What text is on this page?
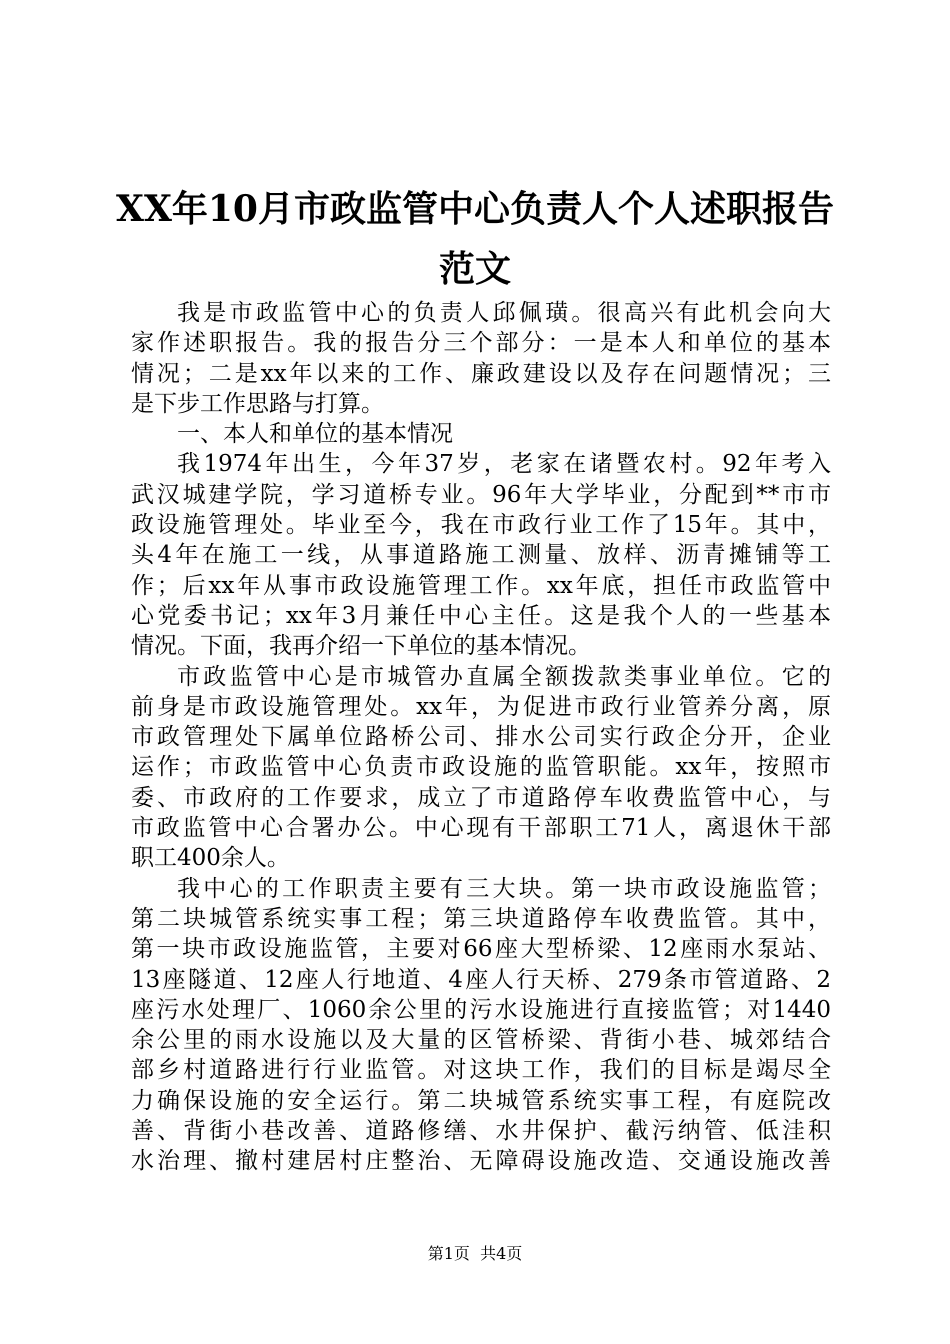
XX年10月市政监管中心负责人个人述职报告
范文
我是市政监管中心的负责人邱佩璜。很高兴有此机会向大
家作述职报告。我的报告分三个部分：一是本人和单位的基本
情况；二是xx年以来的工作、廉政建设以及存在问题情况；三
是下步工作思路与打算。
一、本人和单位的基本情况
我1974年出生，今年37岁，老家在诸暨农村。92年考入
武汉城建学院，学习道桥专业。96年大学毕业，分配到**市市
政设施管理处。毕业至今，我在市政行业工作了15年。其中，
头4年在施工一线，从事道路施工测量、放样、沥青摊铺等工
作；后xx年从事市政设施管理工作。xx年底，担任市政监管中
心党委书记；xx年3月兼任中心主任。这是我个人的一些基本
情况。下面，我再介绍一下单位的基本情况。
市政监管中心是市城管办直属全额拨款类事业单位。它的
前身是市政设施管理处。xx年，为促进市政行业管养分离，原
市政管理处下属单位路桥公司、排水公司实行政企分开，企业
运作；市政监管中心负责市政设施的监管职能。xx年，按照市
委、市政府的工作要求，成立了市道路停车收费监管中心，与
市政监管中心合署办公。中心现有干部职工71人，离退休干部
职工400余人。
我中心的工作职责主要有三大块。第一块市政设施监管；
第二块城管系统实事工程；第三块道路停车收费监管。其中，
第一块市政设施监管，主要对66座大型桥梁、12座雨水泵站、
13座隧道、12座人行地道、4座人行天桥、279条市管道路、2
座污水处理厂、1060余公里的污水设施进行直接监管；对1440
余公里的雨水设施以及大量的区管桥梁、背街小巷、城郊结合
部乡村道路进行行业监管。对这块工作，我们的目标是竭尽全
力确保设施的安全运行。第二块城管系统实事工程，有庭院改
善、背街小巷改善、道路修缮、水井保护、截污纳管、低洼积
水治理、撤村建居村庄整治、无障碍设施改造、交通设施改善
第1页  共4页
